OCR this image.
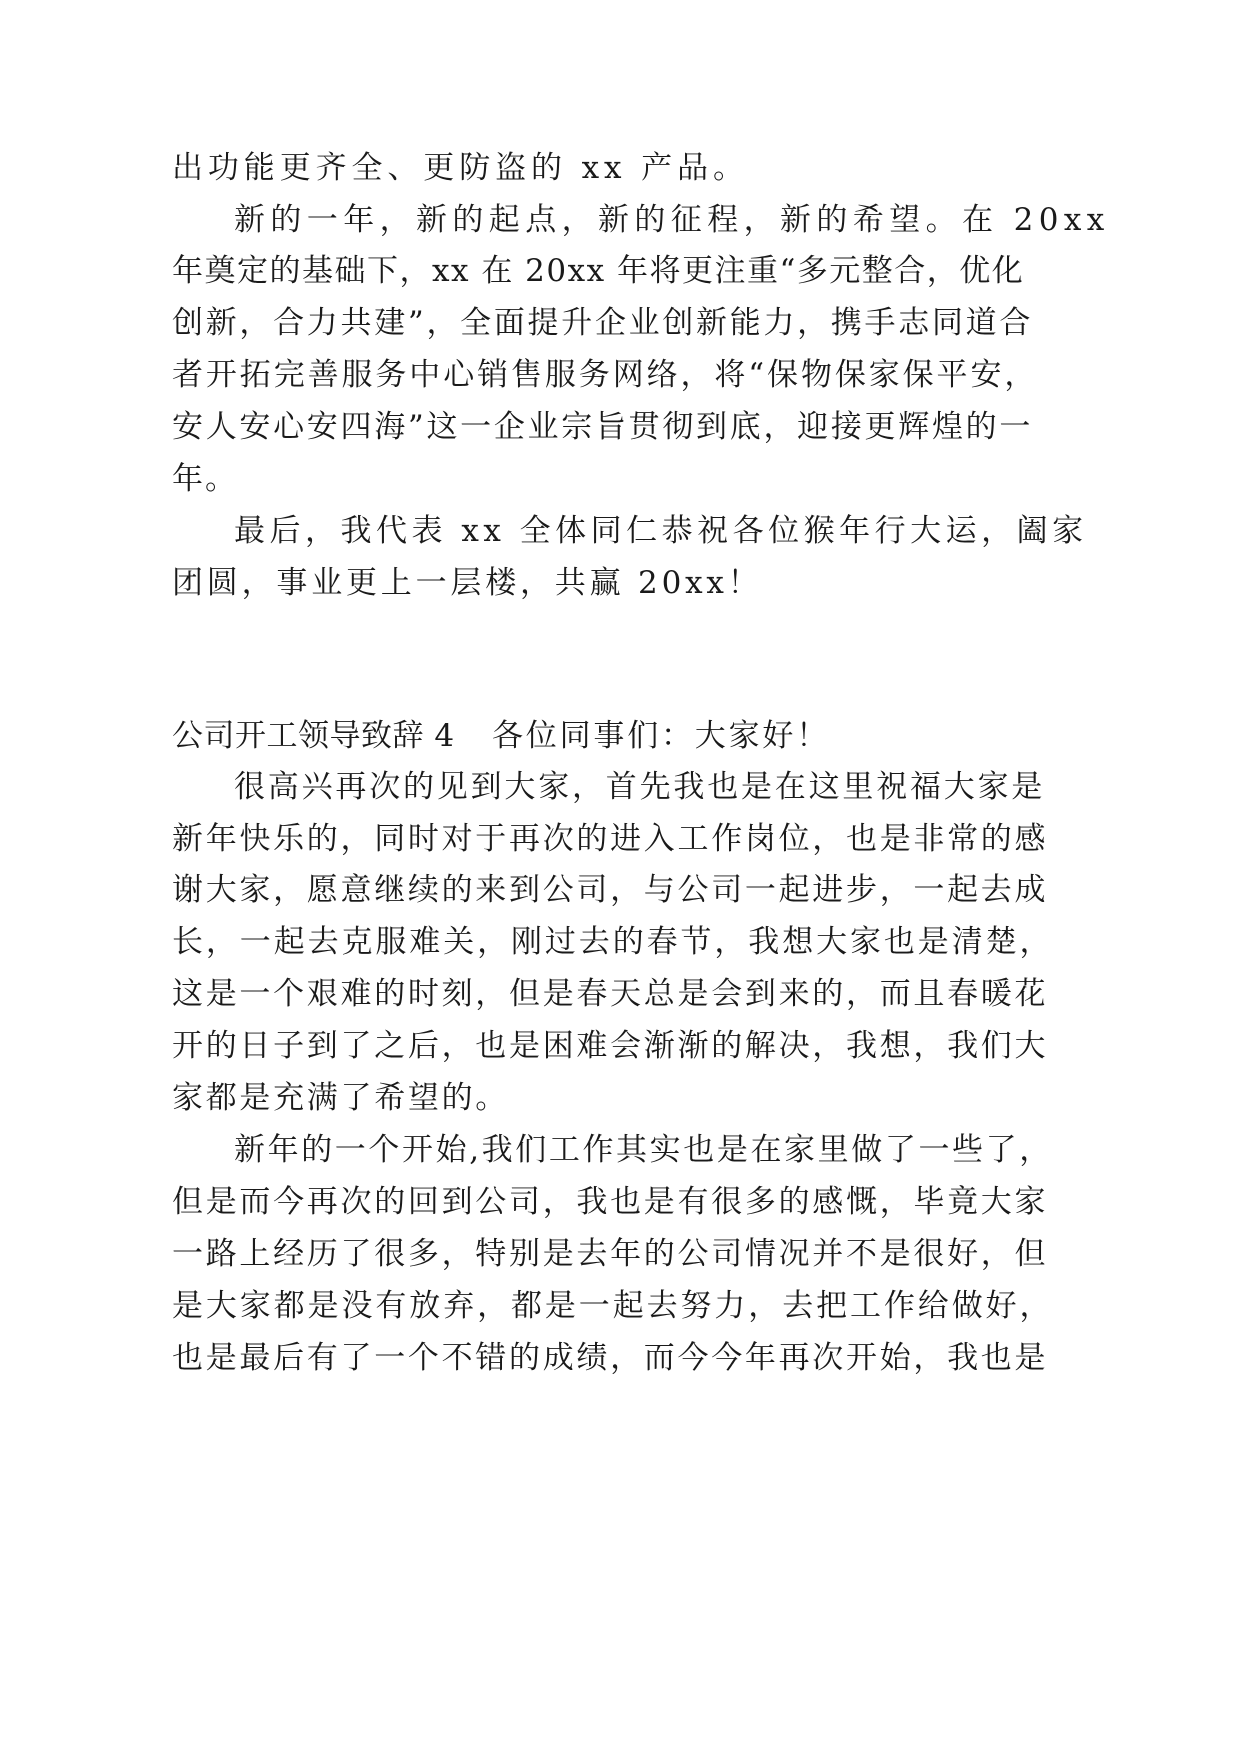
出功能更齐全、更防盗的 xx 产品。
新的一年，新的起点，新的征程，新的希望。在 20xx
年奠定的基础下，xx 在 20xx 年将更注重“多元整合，优化
创新，合力共建”，全面提升企业创新能力，携手志同道合
者开拓完善服务中心销售服务网络，将“保物保家保平安，
安人安心安四海”这一企业宗旨贯彻到底，迎接更辉煌的一
年。
最后，我代表 xx 全体同仁恭祝各位猴年行大运，阖家
团圆，事业更上一层楼，共赢 20xx！
公司开工领导致辞 4 各位同事们：大家好！
很高兴再次的见到大家，首先我也是在这里祝福大家是
新年快乐的，同时对于再次的进入工作岗位，也是非常的感
谢大家，愿意继续的来到公司，与公司一起进步，一起去成
长，一起去克服难关，刚过去的春节，我想大家也是清楚，
这是一个艰难的时刻，但是春天总是会到来的，而且春暖花
开的日子到了之后，也是困难会渐渐的解决，我想，我们大
家都是充满了希望的。
新年的一个开始,我们工作其实也是在家里做了一些了，
但是而今再次的回到公司，我也是有很多的感慨，毕竟大家
一路上经历了很多，特别是去年的公司情况并不是很好，但
是大家都是没有放弃，都是一起去努力，去把工作给做好，
也是最后有了一个不错的成绩，而今今年再次开始，我也是
